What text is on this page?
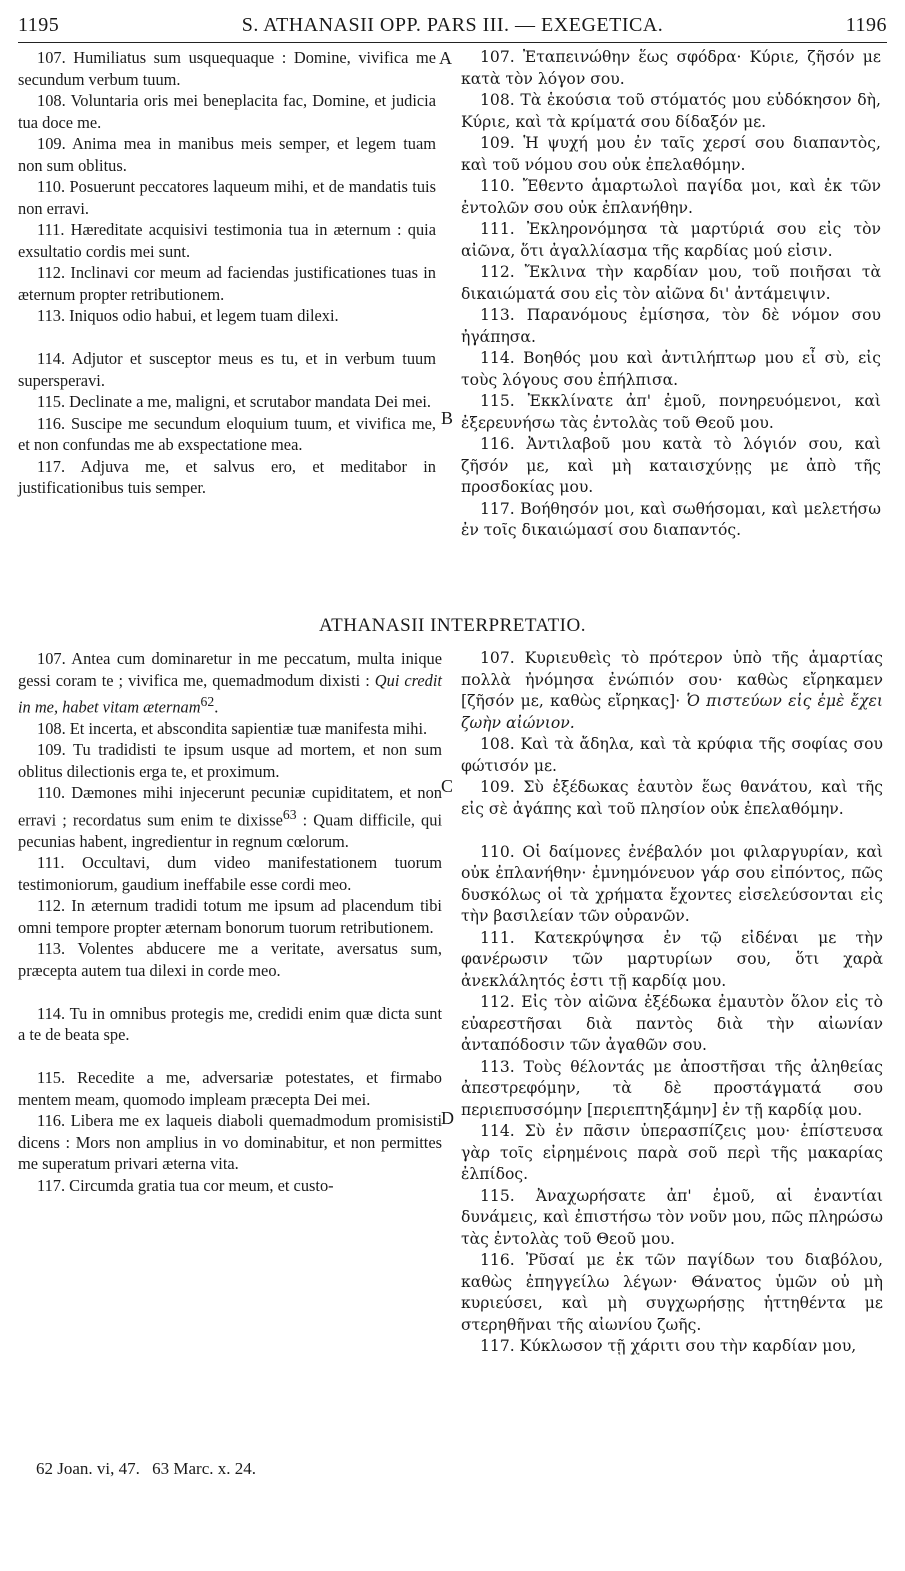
1195	S. ATHANASII OPP. PARS III. — EXEGETICA.	1196

107. Humiliatus sum usquequaque : Domine, vivifica me secundum verbum tuum.

108. Voluntaria oris mei beneplacita fac, Domine, et judicia tua doce me.

109. Anima mea in manibus meis semper, et legem tuam non sum oblitus.

110. Posuerunt peccatores laqueum mihi, et de mandatis tuis non erravi.

111. Hæreditate acquisivi testimonia tua in æternum : quia exsultatio cordis mei sunt.

112. Inclinavi cor meum ad faciendas justificationes tuas in æternum propter retributionem.

113. Iniquos odio habui, et legem tuam dilexi.

114. Adjutor et susceptor meus es tu, et in verbum tuum supersperavi.

115. Declinate a me, maligni, et scrutabor mandata Dei mei.

116. Suscipe me secundum eloquium tuum, et vivifica me, et non confundas me ab exspectatione mea.

117. Adjuva me, et salvus ero, et meditabor in justificationibus tuis semper.

107. Ἐταπεινώθην ἕως σφόδρα· Κύριε, ζῆσόν με κατὰ τὸν λόγον σου.

108. Τὰ ἑκούσια τοῦ στόματός μου εὐδόκησον δὴ, Κύριε, καὶ τὰ κρίματά σου δίδαξόν με.

109. Ἡ ψυχή μου ἐν ταῖς χερσί σου διαπαντὸς, καὶ τοῦ νόμου σου οὐκ ἐπελαθόμην.

110. Ἔθεντο ἁμαρτωλοὶ παγίδα μοι, καὶ ἐκ τῶν ἐντολῶν σου οὐκ ἐπλανήθην.

111. Ἐκληρονόμησα τὰ μαρτύριά σου εἰς τὸν αἰῶνα, ὅτι ἀγαλλίασμα τῆς καρδίας μού εἰσιν.

112. Ἔκλινα τὴν καρδίαν μου, τοῦ ποιῆσαι τὰ δικαιώματά σου εἰς τὸν αἰῶνα δι' ἀντάμειψιν.

113. Παρανόμους ἐμίσησα, τὸν δὲ νόμον σου ἠγάπησα.

114. Βοηθός μου καὶ ἀντιλήπτωρ μου εἶ σὺ, εἰς τοὺς λόγους σου ἐπήλπισα.

115. Ἐκκλίνατε ἀπ' ἐμοῦ, πονηρευόμενοι, καὶ ἐξερευνήσω τὰς ἐντολὰς τοῦ Θεοῦ μου.

116. Ἀντιλαβοῦ μου κατὰ τὸ λόγιόν σου, καὶ ζῆσόν με, καὶ μὴ καταισχύνῃς με ἀπὸ τῆς προσδοκίας μου.

117. Βοήθησόν μοι, καὶ σωθήσομαι, καὶ μελετήσω ἐν τοῖς δικαιώμασί σου διαπαντός.

A
B
C
D
ATHANASII INTERPRETATIO.

107. Antea cum dominaretur in me peccatum, multa inique gessi coram te ; vivifica me, quemadmodum dixisti : Qui credit in me, habet vitam æternam$^{62}$.

108. Et incerta, et abscondita sapientiæ tuæ manifesta mihi.

109. Tu tradidisti te ipsum usque ad mortem, et non sum oblitus dilectionis erga te, et proximum.

110. Dæmones mihi injecerunt pecuniæ cupiditatem, et non erravi ; recordatus sum enim te dixisse$^{63}$ : Quam difficile, qui pecunias habent, ingredientur in regnum cœlorum.

111. Occultavi, dum video manifestationem tuorum testimoniorum, gaudium ineffabile esse cordi meo.

112. In æternum tradidi totum me ipsum ad placendum tibi omni tempore propter æternam bonorum tuorum retributionem.

113. Volentes abducere me a veritate, aversatus sum, præcepta autem tua dilexi in corde meo.

114. Tu in omnibus protegis me, credidi enim quæ dicta sunt a te de beata spe.

115. Recedite a me, adversariæ potestates, et firmabo mentem meam, quomodo impleam præcepta Dei mei.

116. Libera me ex laqueis diaboli quemadmodum promisisti dicens : Mors non amplius in vo dominabitur, et non permittes me superatum privari æterna vita.

117. Circumda gratia tua cor meum, et custo-

107. Κυριευθεὶς τὸ πρότερον ὑπὸ τῆς ἁμαρτίας πολλὰ ἠνόμησα ἐνώπιόν σου· καθὼς εἴρηκαμεν [ζῆσόν με, καθὼς εἴρηκας]· Ὁ πιστεύων εἰς ἐμὲ ἔχει ζωὴν αἰώνιον.

108. Καὶ τὰ ἄδηλα, καὶ τὰ κρύφια τῆς σοφίας σου φώτισόν με.

109. Σὺ ἐξέδωκας ἑαυτὸν ἕως θανάτου, καὶ τῆς εἰς σὲ ἀγάπης καὶ τοῦ πλησίον οὐκ ἐπελαθόμην.

110. Οἱ δαίμονες ἐνέβαλόν μοι φιλαργυρίαν, καὶ οὐκ ἐπλανήθην· ἐμνημόνευον γάρ σου εἰπόντος, πῶς δυσκόλως οἱ τὰ χρήματα ἔχοντες εἰσελεύσονται εἰς τὴν βασιλείαν τῶν οὐρανῶν.

111. Κατεκρύψησα ἐν τῷ εἰδέναι με τὴν φανέρωσιν τῶν μαρτυρίων σου, ὅτι χαρὰ ἀνεκλάλητός ἐστι τῇ καρδίᾳ μου.

112. Εἰς τὸν αἰῶνα ἐξέδωκα ἐμαυτὸν ὅλον εἰς τὸ εὐαρεστῆσαι διὰ παντὸς διὰ τὴν αἰωνίαν ἀνταπόδοσιν τῶν ἀγαθῶν σου.

113. Τοὺς θέλοντάς με ἀποστῆσαι τῆς ἀληθείας ἀπεστρεφόμην, τὰ δὲ προστάγματά σου περιεπυσσόμην [περιεπτηξάμην] ἐν τῇ καρδίᾳ μου.

114. Σὺ ἐν πᾶσιν ὑπερασπίζεις μου· ἐπίστευσα γὰρ τοῖς εἰρημένοις παρὰ σοῦ περὶ τῆς μακαρίας ἐλπίδος.

115. Ἀναχωρήσατε ἀπ' ἐμοῦ, αἱ ἐναντίαι δυνάμεις, καὶ ἐπιστήσω τὸν νοῦν μου, πῶς πληρώσω τὰς ἐντολὰς τοῦ Θεοῦ μου.

116. Ῥῦσαί με ἐκ τῶν παγίδων του διαβόλου, καθὼς ἐπηγγείλω λέγων· Θάνατος ὑμῶν οὐ μὴ κυριεύσει, καὶ μὴ συγχωρήσῃς ἡττηθέντα με στερηθῆναι τῆς αἰωνίου ζωῆς.

117. Κύκλωσον τῇ χάριτι σου τὴν καρδίαν μου,

62 Joan. vi, 47. 63 Marc. x. 24.
